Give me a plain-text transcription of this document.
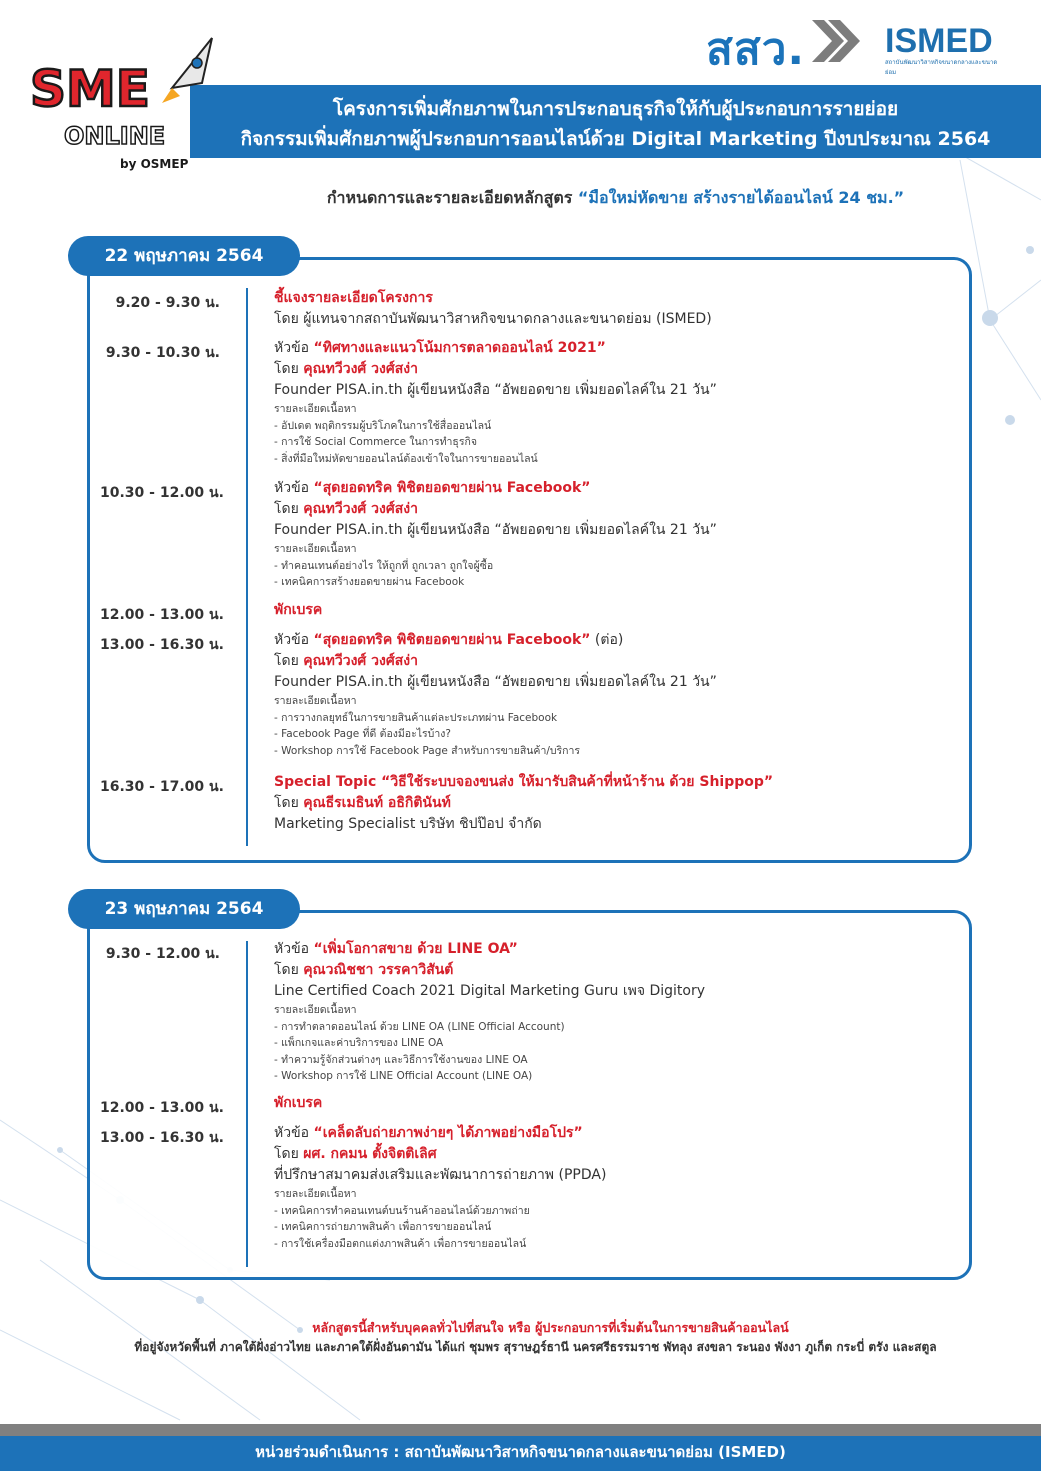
สสว. ISMED
สถาบันพัฒนาวิสาหกิจขนาดกลางและขนาดย่อม
โครงการเพิ่มศักยภาพในการประกอบธุรกิจให้กับผู้ประกอบการรายย่อย
กิจกรรมเพิ่มศักยภาพผู้ประกอบการออนไลน์ด้วย Digital Marketing ปีงบประมาณ 2564
SME
ONLINE
by OSMEP
กำหนดการและรายละเอียดหลักสูตร “มือใหม่หัดขาย สร้างรายได้ออนไลน์ 24 ชม.”
22 พฤษภาคม 2564
23 พฤษภาคม 2564
9.20 - 9.30 น.	ชี้แจงรายละเอียดโครงการ
โดย ผู้แทนจากสถาบันพัฒนาวิสาหกิจขนาดกลางและขนาดย่อม (ISMED)
9.30 - 10.30 น.	หัวข้อ “ทิศทางและแนวโน้มการตลาดออนไลน์ 2021”
โดย คุณทวีวงศ์ วงศ์สง่า
Founder PISA.in.th ผู้เขียนหนังสือ “อัพยอดขาย เพิ่มยอดไลค์ใน 21 วัน”
รายละเอียดเนื้อหา
- อัปเดต พฤติกรรมผู้บริโภคในการใช้สื่อออนไลน์
- การใช้ Social Commerce ในการทำธุรกิจ
- สิ่งที่มือใหม่หัดขายออนไลน์ต้องเข้าใจในการขายออนไลน์
10.30 - 12.00 น.	หัวข้อ “สุดยอดทริค พิชิตยอดขายผ่าน Facebook”
โดย คุณทวีวงศ์ วงศ์สง่า
Founder PISA.in.th ผู้เขียนหนังสือ “อัพยอดขาย เพิ่มยอดไลค์ใน 21 วัน”
รายละเอียดเนื้อหา
- ทำคอนเทนต์อย่างไร ให้ถูกที่ ถูกเวลา ถูกใจผู้ซื้อ
- เทคนิคการสร้างยอดขายผ่าน Facebook
12.00 - 13.00 น.	พักเบรค
13.00 - 16.30 น.	หัวข้อ “สุดยอดทริค พิชิตยอดขายผ่าน Facebook” (ต่อ)
โดย คุณทวีวงศ์ วงศ์สง่า
Founder PISA.in.th ผู้เขียนหนังสือ “อัพยอดขาย เพิ่มยอดไลค์ใน 21 วัน”
รายละเอียดเนื้อหา
- การวางกลยุทธ์ในการขายสินค้าแต่ละประเภทผ่าน Facebook
- Facebook Page ที่ดี ต้องมีอะไรบ้าง?
- Workshop การใช้ Facebook Page สำหรับการขายสินค้า/บริการ
16.30 - 17.00 น.	Special Topic “วิธีใช้ระบบจองขนส่ง ให้มารับสินค้าที่หน้าร้าน ด้วย Shippop”
โดย คุณธีรเมธินท์ อธิกิตินันท์
Marketing Specialist บริษัท ชิปป๊อป จำกัด
9.30 - 12.00 น.	หัวข้อ “เพิ่มโอกาสขาย ด้วย LINE OA”
โดย คุณวณิชชา วรรคาวิสันต์
Line Certified Coach 2021 Digital Marketing Guru เพจ Digitory
รายละเอียดเนื้อหา
- การทำตลาดออนไลน์ ด้วย LINE OA (LINE Official Account)
- แพ็กเกจและค่าบริการของ LINE OA
- ทำความรู้จักส่วนต่างๆ และวิธีการใช้งานของ LINE OA
- Workshop การใช้ LINE Official Account (LINE OA)
12.00 - 13.00 น.	พักเบรค
13.00 - 16.30 น.	หัวข้อ “เคล็ดลับถ่ายภาพง่ายๆ ได้ภาพอย่างมือโปร”
โดย ผศ. กคมน ตั้งจิตติเลิศ
ที่ปรึกษาสมาคมส่งเสริมและพัฒนาการถ่ายภาพ (PPDA)
รายละเอียดเนื้อหา
- เทคนิคการทำคอนเทนต์บนร้านค้าออนไลน์ด้วยภาพถ่าย
- เทคนิคการถ่ายภาพสินค้า เพื่อการขายออนไลน์
- การใช้เครื่องมือตกแต่งภาพสินค้า เพื่อการขายออนไลน์
หลักสูตรนี้สำหรับบุคคลทั่วไปที่สนใจ หรือ ผู้ประกอบการที่เริ่มต้นในการขายสินค้าออนไลน์
ที่อยู่จังหวัดพื้นที่ ภาคใต้ฝั่งอ่าวไทย และภาคใต้ฝั่งอันดามัน ได้แก่ ชุมพร สุราษฎร์ธานี นครศรีธรรมราช พัทลุง สงขลา ระนอง พังงา ภูเก็ต กระบี่ ตรัง และสตูล
หน่วยร่วมดำเนินการ : สถาบันพัฒนาวิสาหกิจขนาดกลางและขนาดย่อม (ISMED)
